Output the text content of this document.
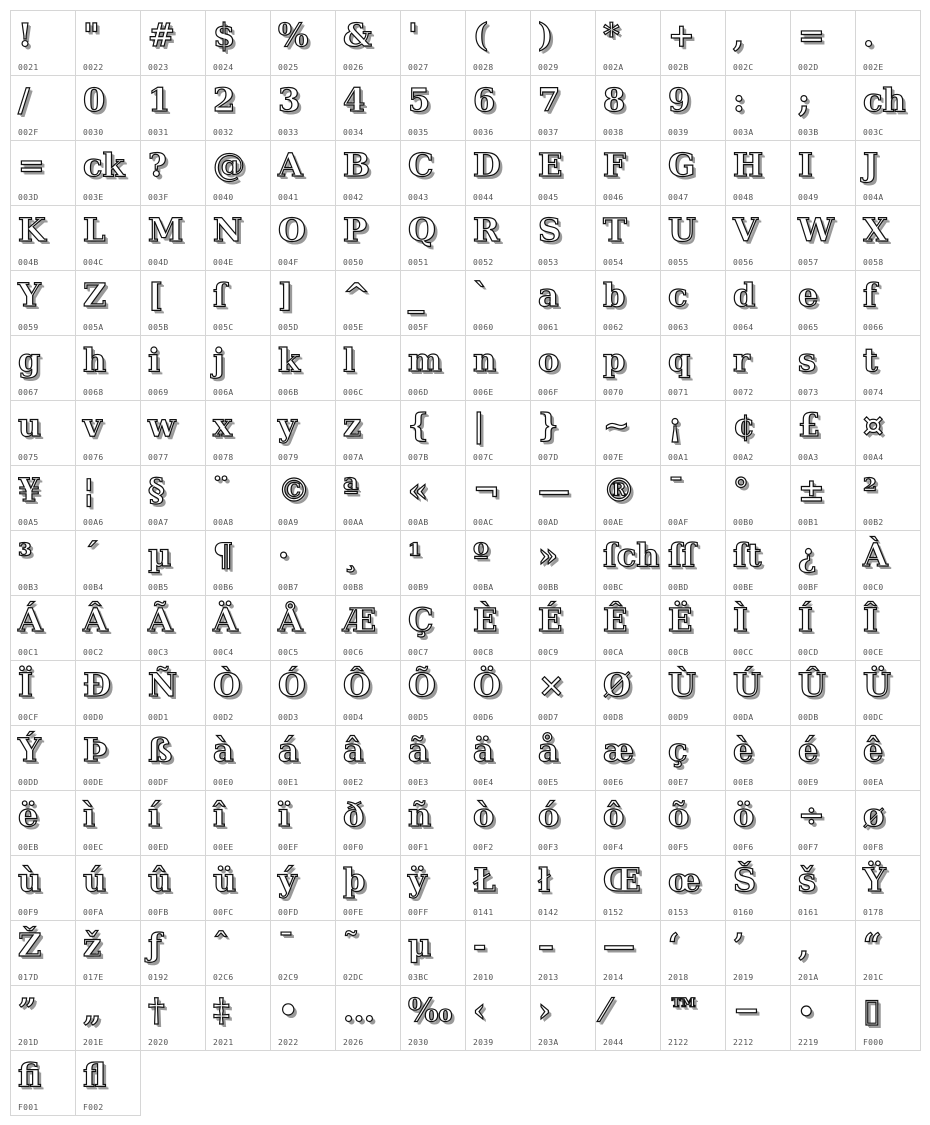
!
0021
"
0022
#
0023
$
0024
%
0025
&
0026
'
0027
(
0028
)
0029
*
002A
+
002B
,
002C
=
002D
.
002E
/
002F
0
0030
1
0031
2
0032
3
0033
4
0034
5
0035
6
0036
7
0037
8
0038
9
0039
:
003A
;
003B
ch
003C
=
003D
ck
003E
?
003F
@
0040
A
0041
B
0042
C
0043
D
0044
E
0045
F
0046
G
0047
H
0048
I
0049
J
004A
K
004B
L
004C
M
004D
N
004E
O
004F
P
0050
Q
0051
R
0052
S
0053
T
0054
U
0055
V
0056
W
0057
X
0058
Y
0059
Z
005A
[
005B
ſ
005C
]
005D
^
005E
_
005F
`
0060
a
0061
b
0062
c
0063
d
0064
e
0065
f
0066
g
0067
h
0068
i
0069
j
006A
k
006B
l
006C
m
006D
n
006E
o
006F
p
0070
q
0071
r
0072
s
0073
t
0074
u
0075
v
0076
w
0077
x
0078
y
0079
z
007A
{
007B
|
007C
}
007D
~
007E
¡
00A1
¢
00A2
£
00A3
¤
00A4
¥
00A5
¦
00A6
§
00A7
¨
00A8
©
00A9
ª
00AA
«
00AB
¬
00AC
—
00AD
®
00AE
¯
00AF
°
00B0
±
00B1
²
00B2
³
00B3
´
00B4
µ
00B5
¶
00B6
·
00B7
¸
00B8
¹
00B9
º
00BA
»
00BB
ſch
00BC
ſſ
00BD
ſt
00BE
¿
00BF
À
00C0
Á
00C1
Â
00C2
Ã
00C3
Ä
00C4
Å
00C5
Æ
00C6
Ç
00C7
È
00C8
É
00C9
Ê
00CA
Ë
00CB
Ì
00CC
Í
00CD
Î
00CE
Ï
00CF
Ð
00D0
Ñ
00D1
Ò
00D2
Ó
00D3
Ô
00D4
Õ
00D5
Ö
00D6
×
00D7
Ø
00D8
Ù
00D9
Ú
00DA
Û
00DB
Ü
00DC
Ý
00DD
Þ
00DE
ß
00DF
à
00E0
á
00E1
â
00E2
ã
00E3
ä
00E4
å
00E5
æ
00E6
ç
00E7
è
00E8
é
00E9
ê
00EA
ë
00EB
ì
00EC
í
00ED
î
00EE
ï
00EF
ð
00F0
ñ
00F1
ò
00F2
ó
00F3
ô
00F4
õ
00F5
ö
00F6
÷
00F7
ø
00F8
ù
00F9
ú
00FA
û
00FB
ü
00FC
ý
00FD
þ
00FE
ÿ
00FF
Ł
0141
ł
0142
Œ
0152
œ
0153
Š
0160
š
0161
Ÿ
0178
Ž
017D
ž
017E
ƒ
0192
ˆ
02C6
ˉ
02C9
˜
02DC
μ
03BC
‐
2010
–
2013
—
2014
‘
2018
’
2019
‚
201A
“
201C
”
201D
„
201E
†
2020
‡
2021
•
2022
…
2026
‰
2030
‹
2039
›
203A
⁄
2044
™
2122
−
2212
∙
2219
▯
F000
fi
F001
fl
F002
